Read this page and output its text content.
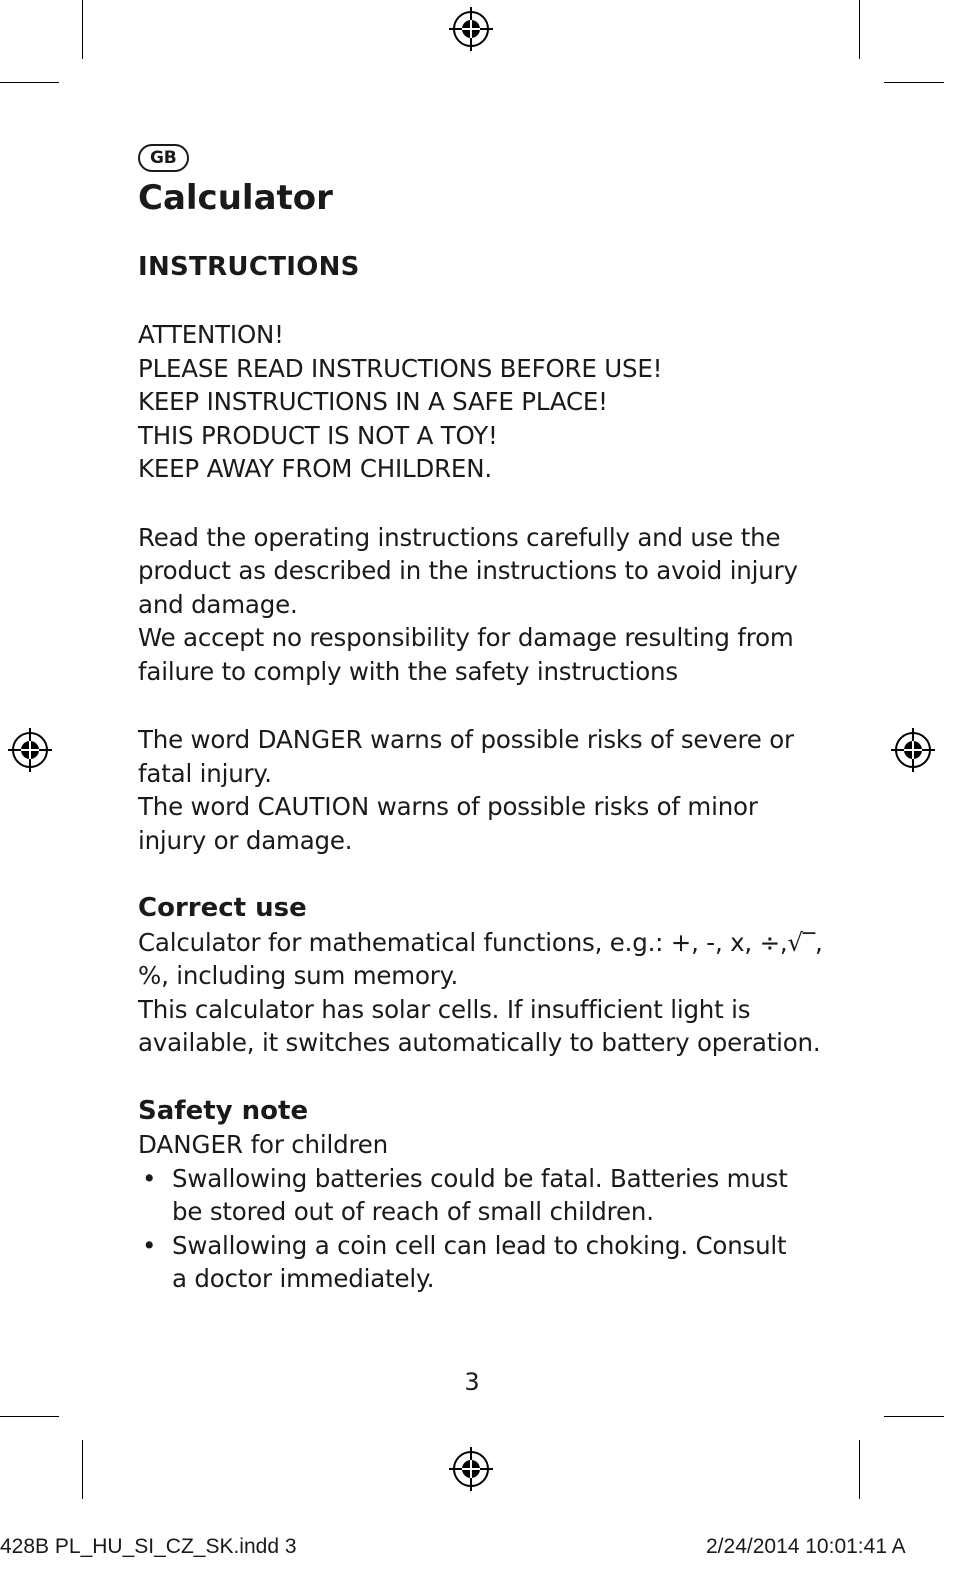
GB
Calculator
INSTRUCTIONS
ATTENTION!
PLEASE READ INSTRUCTIONS BEFORE USE!
KEEP INSTRUCTIONS IN A SAFE PLACE!
THIS PRODUCT IS NOT A TOY!
KEEP AWAY FROM CHILDREN.
Read the operating instructions carefully and use the
product as described in the instructions to avoid injury
and damage.
We accept no responsibility for damage resulting from
failure to comply with the safety instructions
The word DANGER warns of possible risks of severe or
fatal injury.
The word CAUTION warns of possible risks of minor
injury or damage.
Correct use
Calculator for mathematical functions, e.g.: +, -, x, ÷,√‾,
%, including sum memory.
This calculator has solar cells. If insufficient light is
available, it switches automatically to battery operation.
Safety note
DANGER for children
• Swallowing batteries could be fatal. Batteries must
be stored out of reach of small children.
• Swallowing a coin cell can lead to choking. Consult
a doctor immediately.
3
428B PL_HU_SI_CZ_SK.indd 3	2/24/2014 10:01:41 A
